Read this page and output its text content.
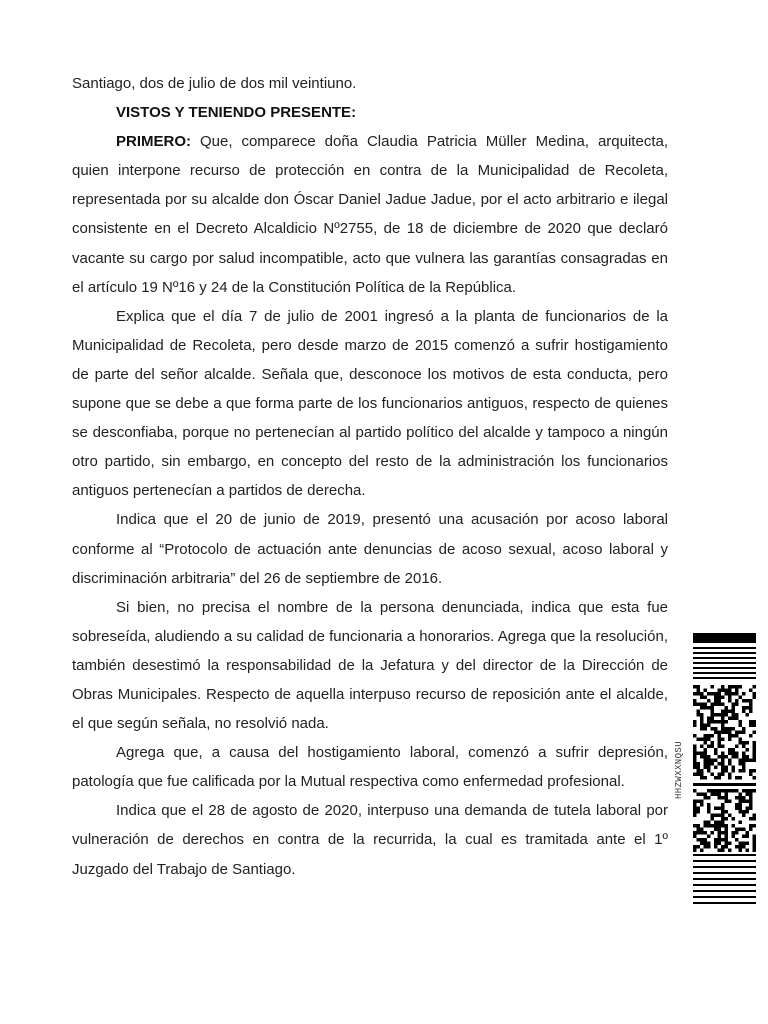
Santiago, dos de julio de dos mil veintiuno.

VISTOS Y TENIENDO PRESENTE:

PRIMERO: Que, comparece doña Claudia Patricia Müller Medina, arquitecta, quien interpone recurso de protección en contra de la Municipalidad de Recoleta, representada por su alcalde don Óscar Daniel Jadue Jadue, por el acto arbitrario e ilegal consistente en el Decreto Alcaldicio Nº2755, de 18 de diciembre de 2020 que declaró vacante su cargo por salud incompatible, acto que vulnera las garantías consagradas en el artículo 19 Nº16 y 24 de la Constitución Política de la República.

Explica que el día 7 de julio de 2001 ingresó a la planta de funcionarios de la Municipalidad de Recoleta, pero desde marzo de 2015 comenzó a sufrir hostigamiento de parte del señor alcalde. Señala que, desconoce los motivos de esta conducta, pero supone que se debe a que forma parte de los funcionarios antiguos, respecto de quienes se desconfiaba, porque no pertenecían al partido político del alcalde y tampoco a ningún otro partido, sin embargo, en concepto del resto de la administración los funcionarios antiguos pertenecían a partidos de derecha.

Indica que el 20 de junio de 2019, presentó una acusación por acoso laboral conforme al “Protocolo de actuación ante denuncias de acoso sexual, acoso laboral y discriminación arbitraria” del 26 de septiembre de 2016.

Si bien, no precisa el nombre de la persona denunciada, indica que esta fue sobreseída, aludiendo a su calidad de funcionaria a honorarios. Agrega que la resolución, también desestimó la responsabilidad de la Jefatura y del director de la Dirección de Obras Municipales. Respecto de aquella interpuso recurso de reposición ante el alcalde, el que según señala, no resolvió nada.

Agrega que, a causa del hostigamiento laboral, comenzó a sufrir depresión, patología que fue calificada por la Mutual respectiva como enfermedad profesional.

Indica que el 28 de agosto de 2020, interpuso una demanda de tutela laboral por vulneración de derechos en contra de la recurrida, la cual es tramitada ante el 1º Juzgado del Trabajo de Santiago.

HHZWXXNQSU
